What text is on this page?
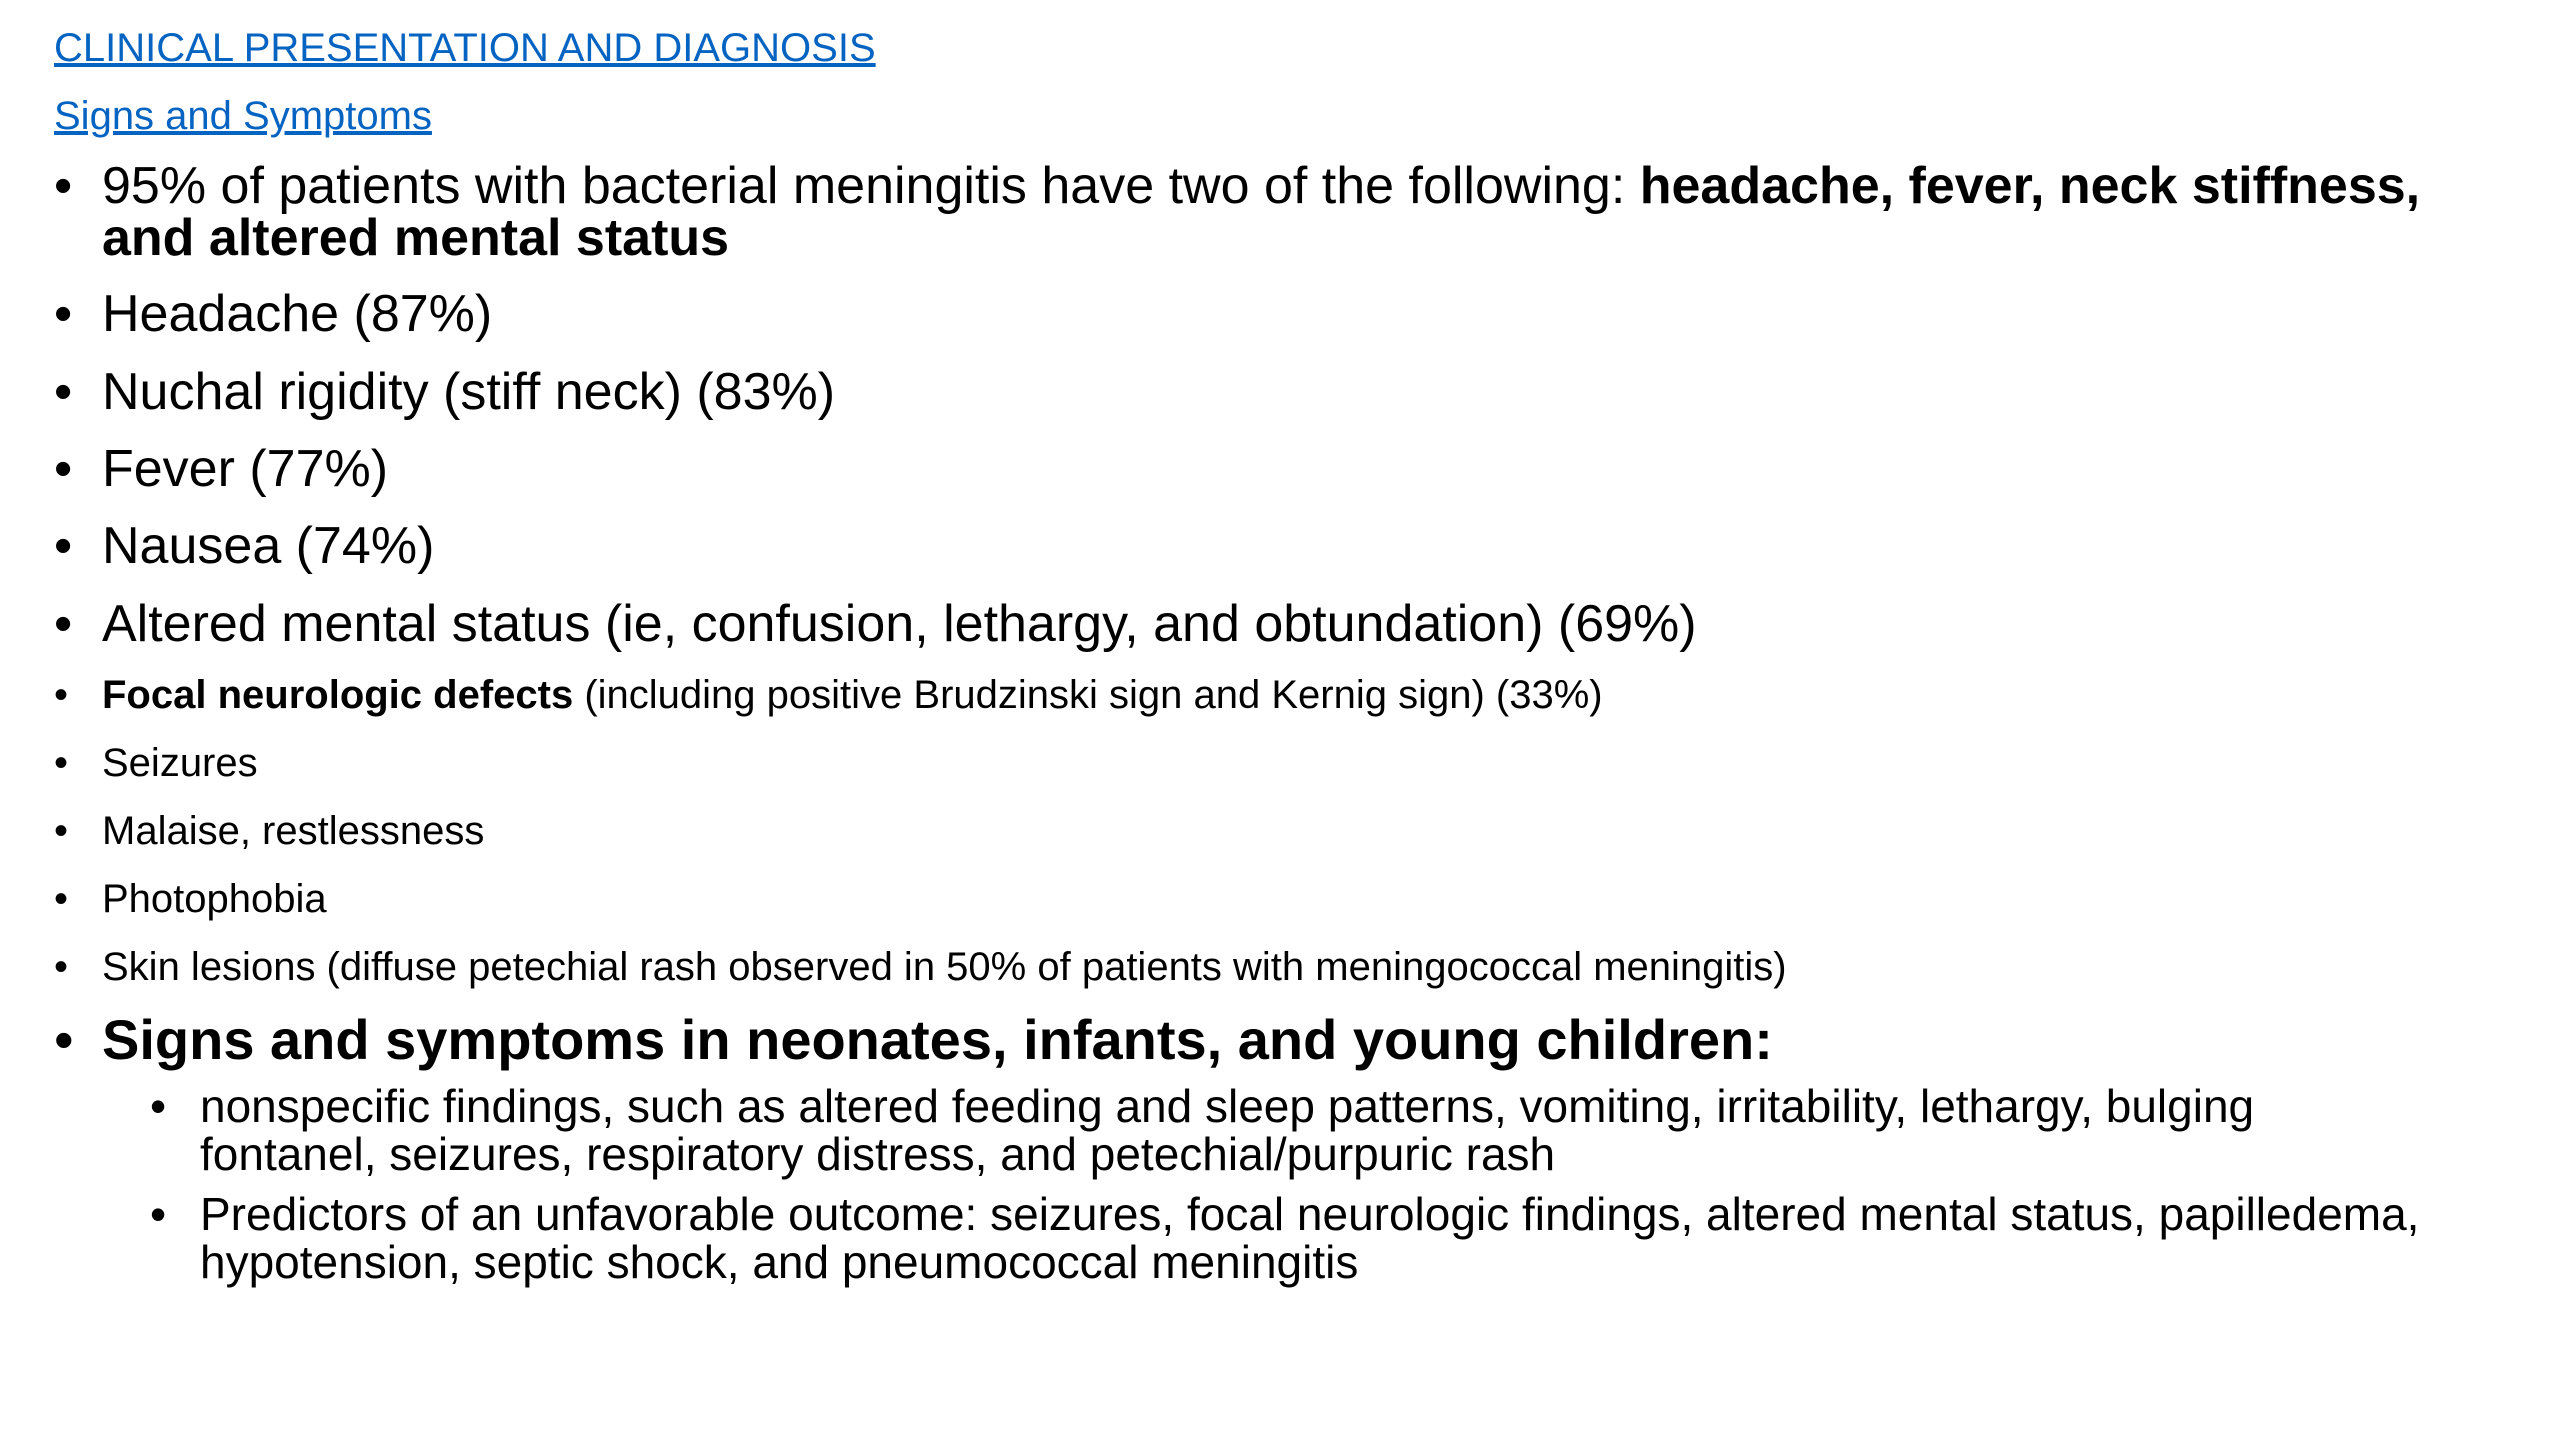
CLINICAL PRESENTATION AND DIAGNOSIS
Signs and Symptoms
• 95% of patients with bacterial meningitis have two of the following: headache, fever, neck stiffness, and altered mental status
• Headache (87%)
• Nuchal rigidity (stiff neck) (83%)
• Fever (77%)
• Nausea (74%)
• Altered mental status (ie, confusion, lethargy, and obtundation) (69%)
• Focal neurologic defects (including positive Brudzinski sign and Kernig sign) (33%)
• Seizures
• Malaise, restlessness
• Photophobia
• Skin lesions (diffuse petechial rash observed in 50% of patients with meningococcal meningitis)
• Signs and symptoms in neonates, infants, and young children:
• nonspecific findings, such as altered feeding and sleep patterns, vomiting, irritability, lethargy, bulging fontanel, seizures, respiratory distress, and petechial/purpuric rash
• Predictors of an unfavorable outcome: seizures, focal neurologic findings, altered mental status, papilledema, hypotension, septic shock, and pneumococcal meningitis
